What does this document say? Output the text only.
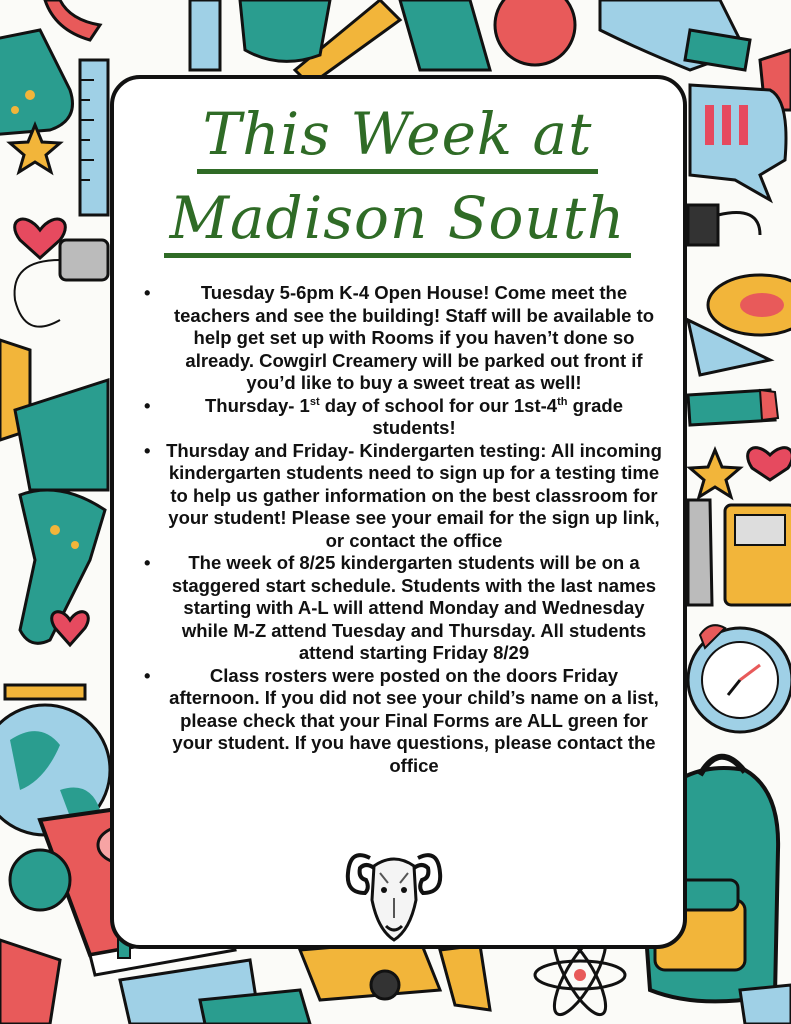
This Week at
Madison South
• Tuesday 5-6pm K-4 Open House! Come meet the teachers and see the building! Staff will be available to help get set up with Rooms if you haven’t done so already. Cowgirl Creamery will be parked out front if you’d like to buy a sweet treat as well!
• Thursday- 1st day of school for our 1st-4th grade students!
• Thursday and Friday- Kindergarten testing: All incoming kindergarten students need to sign up for a testing time to help us gather information on the best classroom for your student! Please see your email for the sign up link, or contact the office
• The week of 8/25 kindergarten students will be on a staggered start schedule. Students with the last names starting with A-L will attend Monday and Wednesday while M-Z attend Tuesday and Thursday. All students attend starting Friday 8/29
• Class rosters were posted on the doors Friday afternoon. If you did not see your child’s name on a list, please check that your Final Forms are ALL green for your student. If you have questions, please contact the office
